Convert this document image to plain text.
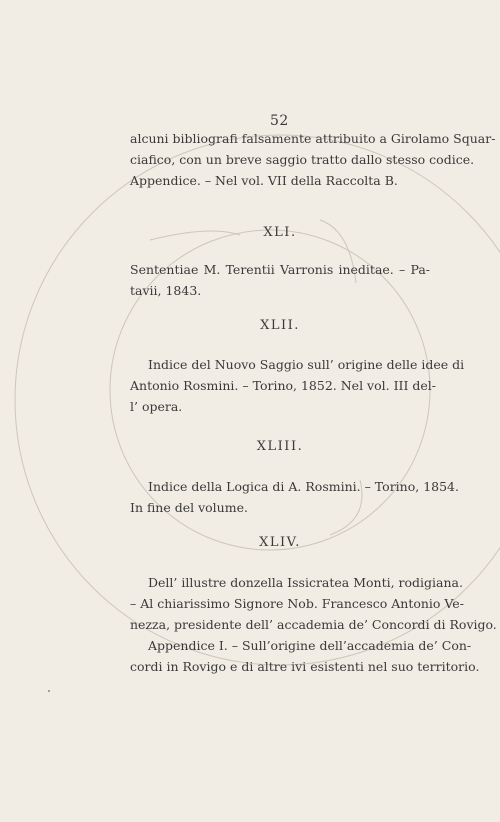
52
alcuni bibliografi falsamente attribuito a Girolamo Squar-
ciafico, con un breve saggio tratto dallo stesso codice.
Appendice. – Nel vol. VII della Raccolta B.
XLI.
Sententiae M. Terentii Varronis ineditae. – Pa-
tavii, 1843.
XLII.
Indice del Nuovo Saggio sull’ origine delle idee di
Antonio Rosmini. – Torino, 1852. Nel vol. III del-
l’ opera.
XLIII.
Indice della Logica di A. Rosmini. – Torino, 1854.
In fine del volume.
XLIV.
Dell’ illustre donzella Issicratea Monti, rodigiana.
– Al chiarissimo Signore Nob. Francesco Antonio Ve-
nezza, presidente dell’ accademia de’ Concordi di Rovigo.
Appendice I. – Sull’origine dell’accademia de’ Con-
cordi in Rovigo e di altre ivi esistenti nel suo territorio.
